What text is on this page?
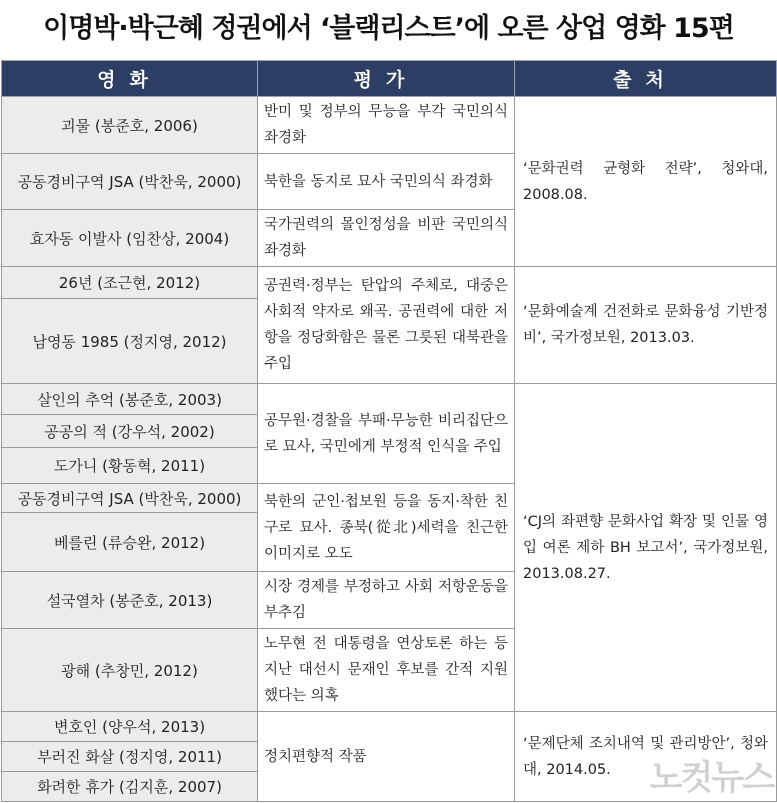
이명박·박근혜 정권에서 ‘블랙리스트’에 오른 상업 영화 15편
영화	평가	출처
괴물 (봉준호, 2006)	반미 및 정부의 무능을 부각 국민의식 좌경화	‘문화권력 균형화 전략’, 청와대, 2008.08.
공동경비구역 JSA (박찬욱, 2000)	북한을 동지로 묘사 국민의식 좌경화	
효자동 이발사 (임찬상, 2004)	국가권력의 몰인정성을 비판 국민의식 좌경화	
26년 (조근현, 2012)	공권력·정부는 탄압의 주체로, 대중은 사회적 약자로 왜곡. 공권력에 대한 저항을 정당화함은 물론 그릇된 대북관을 주입	‘문화예술계 건전화로 문화융성 기반정비’, 국가정보원, 2013.03.
남영동 1985 (정지영, 2012)		
살인의 추억 (봉준호, 2003)	공무원·경찰을 부패·무능한 비리집단으로 묘사, 국민에게 부정적 인식을 주입	‘CJ의 좌편향 문화사업 확장 및 인물 영입 여론 제하 BH 보고서’, 국가정보원, 2013.08.27.
공공의 적 (강우석, 2002)		
도가니 (황동혁, 2011)		
공동경비구역 JSA (박찬욱, 2000)	북한의 군인·첩보원 등을 동지·착한 친구로 묘사. 종북(從北)세력을 친근한 이미지로 오도	
베를린 (류승완, 2012)		
설국열차 (봉준호, 2013)	시장 경제를 부정하고 사회 저항운동을 부추김	
광해 (추창민, 2012)	노무현 전 대통령을 연상토론 하는 등 지난 대선시 문재인 후보를 간적 지원했다는 의혹	
변호인 (양우석, 2013)	정치편향적 작품	‘문제단체 조치내역 및 관리방안’, 청와대, 2014.05.
부러진 화살 (정지영, 2011)		
화려한 휴가 (김지훈, 2007)			노컷뉴스
